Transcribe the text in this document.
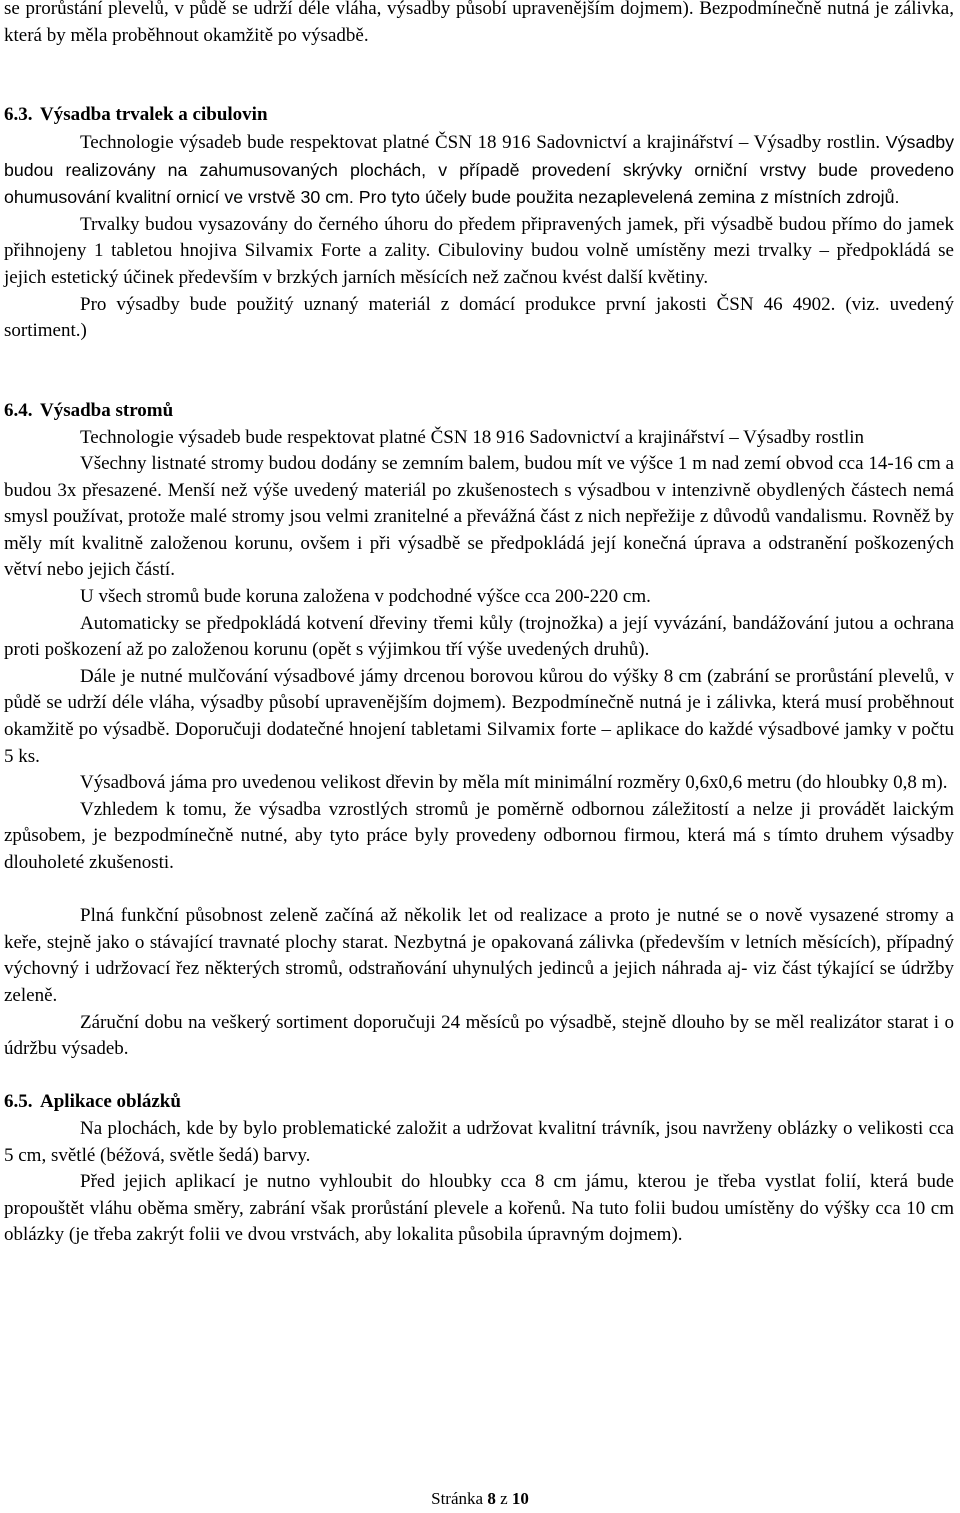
se prorůstání plevelů, v půdě se udrží déle vláha, výsadby působí upravenějším dojmem). Bezpodmínečně nutná je zálivka, která by měla proběhnout okamžitě po výsadbě.

6.3. Výsadba trvalek a cibulovin

Technologie výsadeb bude respektovat platné ČSN 18 916 Sadovnictví a krajinářství – Výsadby rostlin. Výsadby budou realizovány na zahumusovaných plochách, v případě provedení skrývky orniční vrstvy bude provedeno ohumusování kvalitní ornicí ve vrstvě 30 cm. Pro tyto účely bude použita nezaplevelená zemina z místních zdrojů.

Trvalky budou vysazovány do černého úhoru do předem připravených jamek, při výsadbě budou přímo do jamek přihnojeny 1 tabletou hnojiva Silvamix Forte a zality. Cibuloviny budou volně umístěny mezi trvalky – předpokládá se jejich estetický účinek především v brzkých jarních měsících než začnou kvést další květiny.

Pro výsadby bude použitý uznaný materiál z domácí produkce první jakosti ČSN 46 4902. (viz. uvedený sortiment.)

6.4. Výsadba stromů

Technologie výsadeb bude respektovat platné ČSN 18 916 Sadovnictví a krajinářství – Výsadby rostlin

Všechny listnaté stromy budou dodány se zemním balem, budou mít ve výšce 1 m nad zemí obvod cca 14-16 cm a budou 3x přesazené. Menší než výše uvedený materiál po zkušenostech s výsadbou v intenzivně obydlených částech nemá smysl používat, protože malé stromy jsou velmi zranitelné a převážná část z nich nepřežije z důvodů vandalismu. Rovněž by měly mít kvalitně založenou korunu, ovšem i při výsadbě se předpokládá její konečná úprava a odstranění poškozených větví nebo jejich částí.

U všech stromů bude koruna založena v podchodné výšce cca 200-220 cm.

Automaticky se předpokládá kotvení dřeviny třemi kůly (trojnožka) a její vyvázání, bandážování jutou a ochrana proti poškození až po založenou korunu (opět s výjimkou tří výše uvedených druhů).

Dále je nutné mulčování výsadbové jámy drcenou borovou kůrou do výšky 8 cm (zabrání se prorůstání plevelů, v půdě se udrží déle vláha, výsadby působí upravenějším dojmem). Bezpodmínečně nutná je i zálivka, která musí proběhnout okamžitě po výsadbě. Doporučuji dodatečné hnojení tabletami Silvamix forte – aplikace do každé výsadbové jamky v počtu 5 ks.

Výsadbová jáma pro uvedenou velikost dřevin by měla mít minimální rozměry 0,6x0,6 metru (do hloubky 0,8 m).

Vzhledem k tomu, že výsadba vzrostlých stromů je poměrně odbornou záležitostí a nelze ji provádět laickým způsobem, je bezpodmínečně nutné, aby tyto práce byly provedeny odbornou firmou, která má s tímto druhem výsadby dlouholeté zkušenosti.

Plná funkční působnost zeleně začíná až několik let od realizace a proto je nutné se o nově vysazené stromy a keře, stejně jako o stávající travnaté plochy starat. Nezbytná je opakovaná zálivka (především v letních měsících), případný výchovný i udržovací řez některých stromů, odstraňování uhynulých jedinců a jejich náhrada aj- viz část týkající se údržby zeleně.

Záruční dobu na veškerý sortiment doporučuji 24 měsíců po výsadbě, stejně dlouho by se měl realizátor starat i o údržbu výsadeb.

6.5. Aplikace oblázků

Na plochách, kde by bylo problematické založit a udržovat kvalitní trávník, jsou navrženy oblázky o velikosti cca 5 cm, světlé (béžová, světle šedá) barvy.

Před jejich aplikací je nutno vyhloubit do hloubky cca 8 cm jámu, kterou je třeba vystlat folií, která bude propouštět vláhu oběma směry, zabrání však prorůstání plevele a kořenů. Na tuto folii budou umístěny do výšky cca 10 cm oblázky (je třeba zakrýt folii ve dvou vrstvách, aby lokalita působila úpravným dojmem).

Stránka 8 z 10
